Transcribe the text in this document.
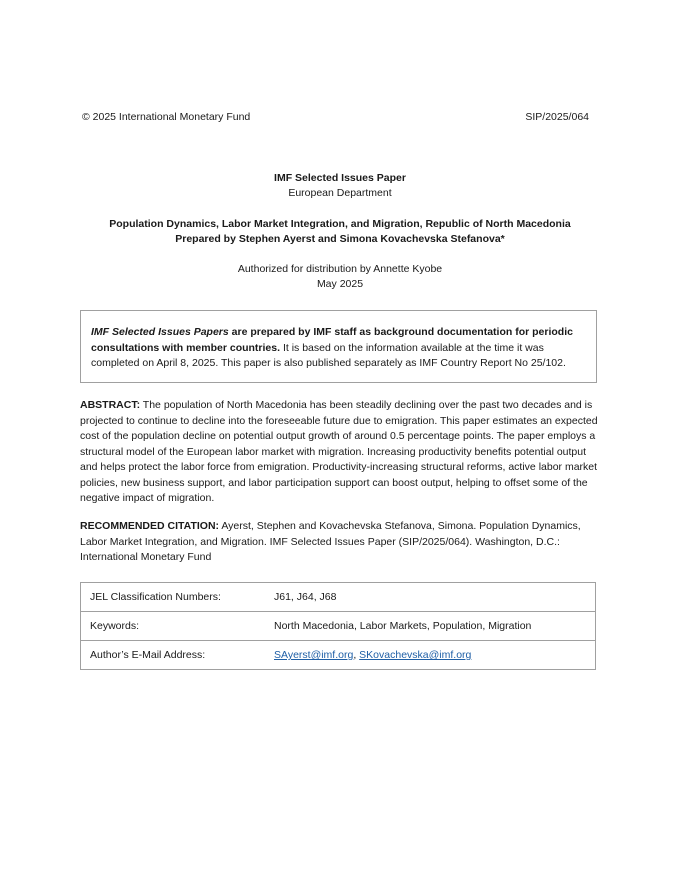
© 2025 International Monetary Fund	SIP/2025/064
IMF Selected Issues Paper
European Department
Population Dynamics, Labor Market Integration, and Migration, Republic of North Macedonia
Prepared by Stephen Ayerst and Simona Kovachevska Stefanova*
Authorized for distribution by Annette Kyobe
May 2025
IMF Selected Issues Papers are prepared by IMF staff as background documentation for periodic consultations with member countries. It is based on the information available at the time it was completed on April 8, 2025. This paper is also published separately as IMF Country Report No 25/102.
ABSTRACT: The population of North Macedonia has been steadily declining over the past two decades and is projected to continue to decline into the foreseeable future due to emigration. This paper estimates an expected cost of the population decline on potential output growth of around 0.5 percentage points. The paper employs a structural model of the European labor market with migration. Increasing productivity benefits potential output and helps protect the labor force from emigration. Productivity-increasing structural reforms, active labor market policies, new business support, and labor participation support can boost output, helping to offset some of the negative impact of migration.
RECOMMENDED CITATION: Ayerst, Stephen and Kovachevska Stefanova, Simona. Population Dynamics, Labor Market Integration, and Migration. IMF Selected Issues Paper (SIP/2025/064). Washington, D.C.: International Monetary Fund
JEL Classification Numbers:	J61, J64, J68
Keywords:	North Macedonia, Labor Markets, Population, Migration
Author’s E-Mail Address:	SAyerst@imf.org, SKovachevska@imf.org
